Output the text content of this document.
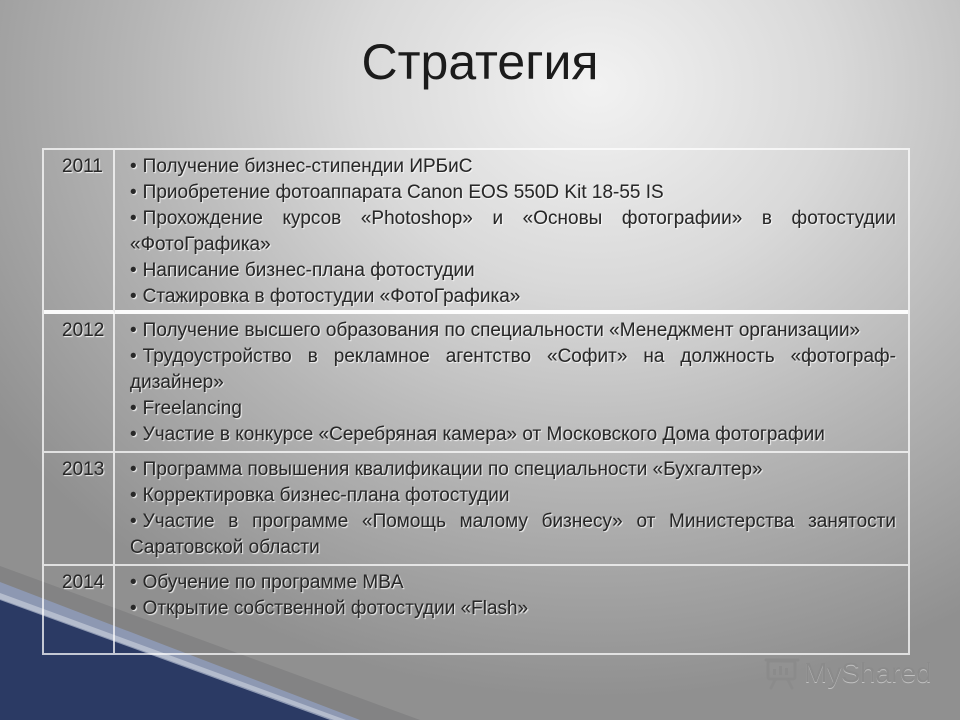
Стратегия
2011	• Получение бизнес-стипендии ИРБиС

• Приобретение фотоаппарата Canon EOS 550D Kit 18-55 IS

• Прохождение курсов «Photoshop» и «Основы фотографии» в фотостудии «ФотоГрафика»

• Написание бизнес-плана фотостудии

• Стажировка в фотостудии «ФотоГрафика»

2012	• Получение высшего образования по специальности «Менеджмент организации»

• Трудоустройство в рекламное агентство «Софит» на должность «фотограф-дизайнер»

• Freelancing

• Участие в конкурсе «Серебряная камера» от Московского Дома фотографии

2013	• Программа повышения квалификации по специальности «Бухгалтер»

• Корректировка бизнес-плана фотостудии

• Участие в программе «Помощь малому бизнесу» от Министерства занятости Саратовской области

2014	• Обучение по программе MBA

• Открытие собственной фотостудии «Flash»

MyShared
